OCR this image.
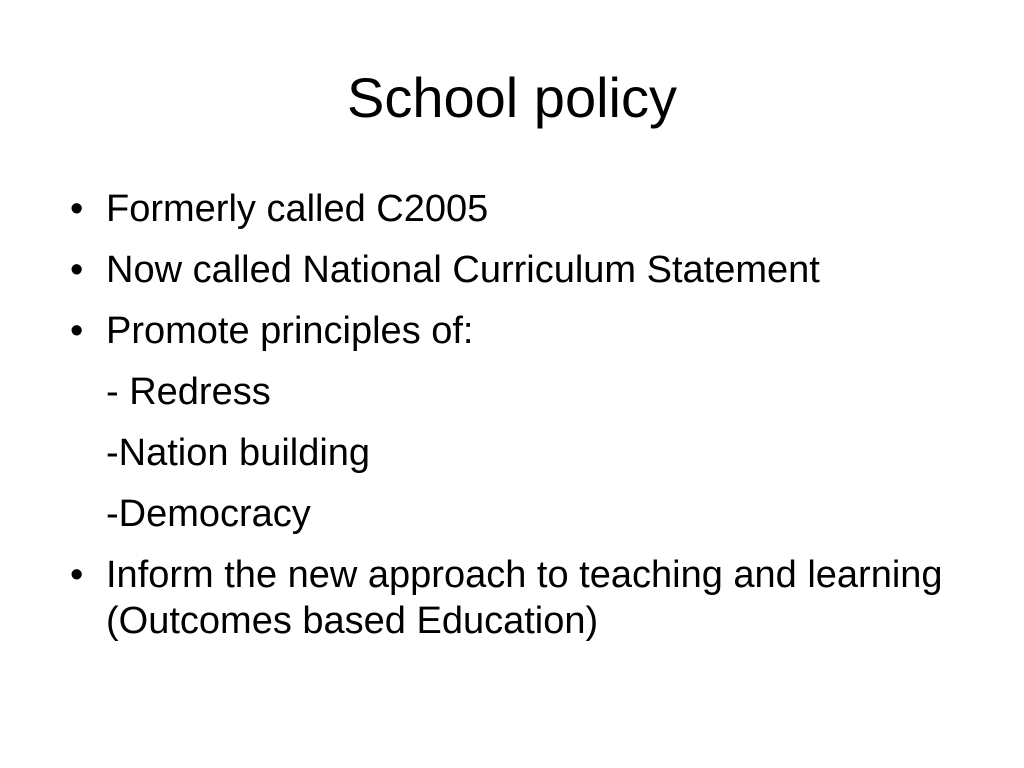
School policy
• Formerly called C2005
• Now called National Curriculum Statement
• Promote principles of:
- Redress
-Nation building
-Democracy
• Inform the new approach to teaching and learning (Outcomes based Education)
